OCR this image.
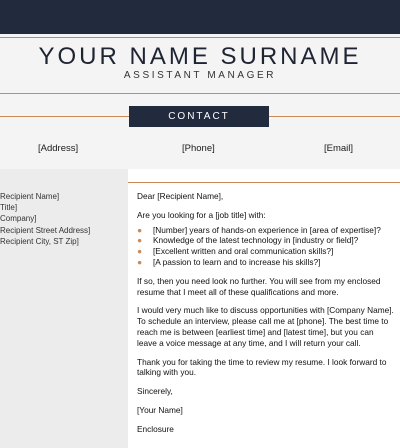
YOUR NAME SURNAME
ASSISTANT MANAGER
CONTACT
[Address]	[Phone]	[Email]
Recipient Name]
Title]
Company]
Recipient Street Address]
Recipient City, ST Zip]

Dear [Recipient Name],

Are you looking for a [job title] with:

● [Number] years of hands-on experience in [area of expertise]?
● Knowledge of the latest technology in [industry or field]?
● [Excellent written and oral communication skills?]
● [A passion to learn and to increase his skills?]

If so, then you need look no further. You will see from my enclosed resume that I meet all of these qualifications and more.

I would very much like to discuss opportunities with [Company Name]. To schedule an interview, please call me at [phone]. The best time to reach me is between [earliest time] and [latest time], but you can leave a voice message at any time, and I will return your call.

Thank you for taking the time to review my resume. I look forward to talking with you.

Sincerely,

[Your Name]

Enclosure
